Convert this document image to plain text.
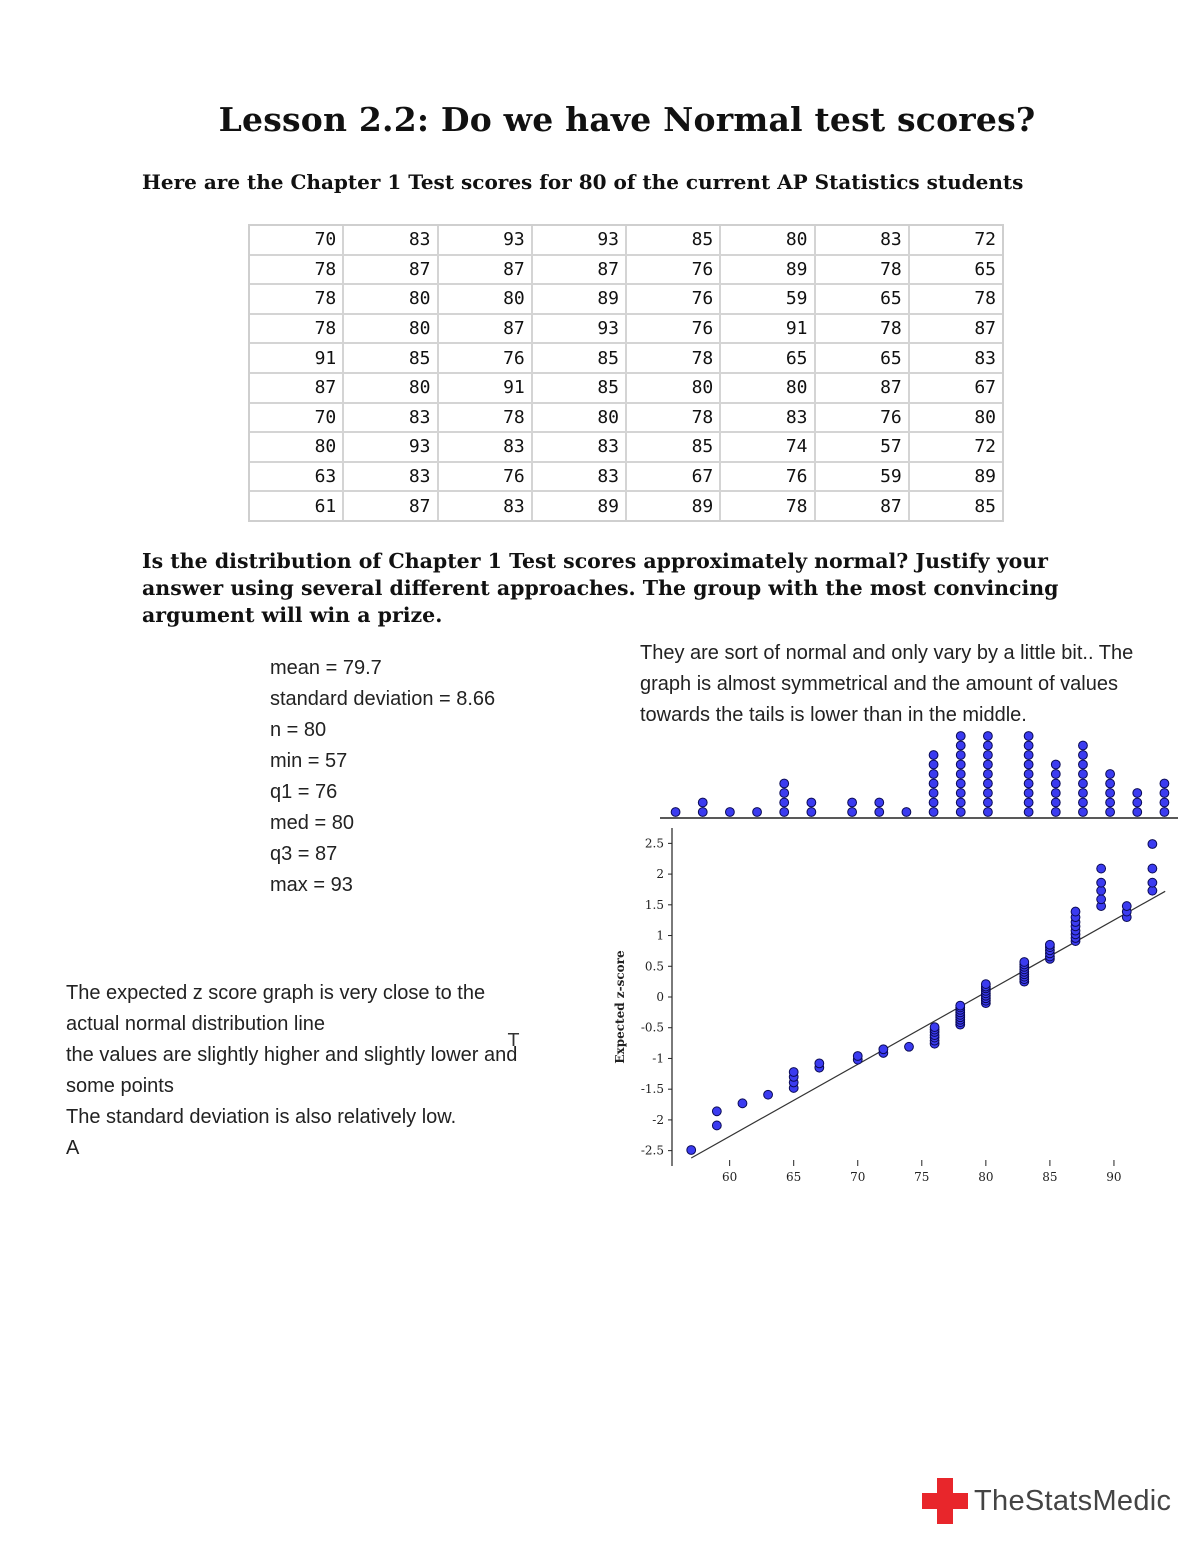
Lesson 2.2: Do we have Normal test scores?
Here are the Chapter 1 Test scores for 80 of the current AP Statistics students
70	83	93	93	85	80	83	72
78	87	87	87	76	89	78	65
78	80	80	89	76	59	65	78
78	80	87	93	76	91	78	87
91	85	76	85	78	65	65	83
87	80	91	85	80	80	87	67
70	83	78	80	78	83	76	80
80	93	83	83	85	74	57	72
63	83	76	83	67	76	59	89
61	87	83	89	89	78	87	85
Is the distribution of Chapter 1 Test scores approximately normal? Justify your answer using several different approaches. The group with the most convincing argument will win a prize.
mean = 79.7
standard deviation = 8.66
n = 80
min = 57
q1 = 76
med = 80
q3 = 87
max = 93
They are sort of normal and only vary by a little bit.. The graph is almost symmetrical and the amount of values towards the tails is lower than in the middle.
The expected z score graph is very close to the
actual normal distribution line
the values are slightly higher and slightly lower and
some points
The standard deviation is also relatively low.
A
T
-2.5
-2
-1.5
-1
-0.5
0
0.5
1
1.5
2
2.5
60	65	70	75	80	85	90
Expected z-score
TheStatsMedic
